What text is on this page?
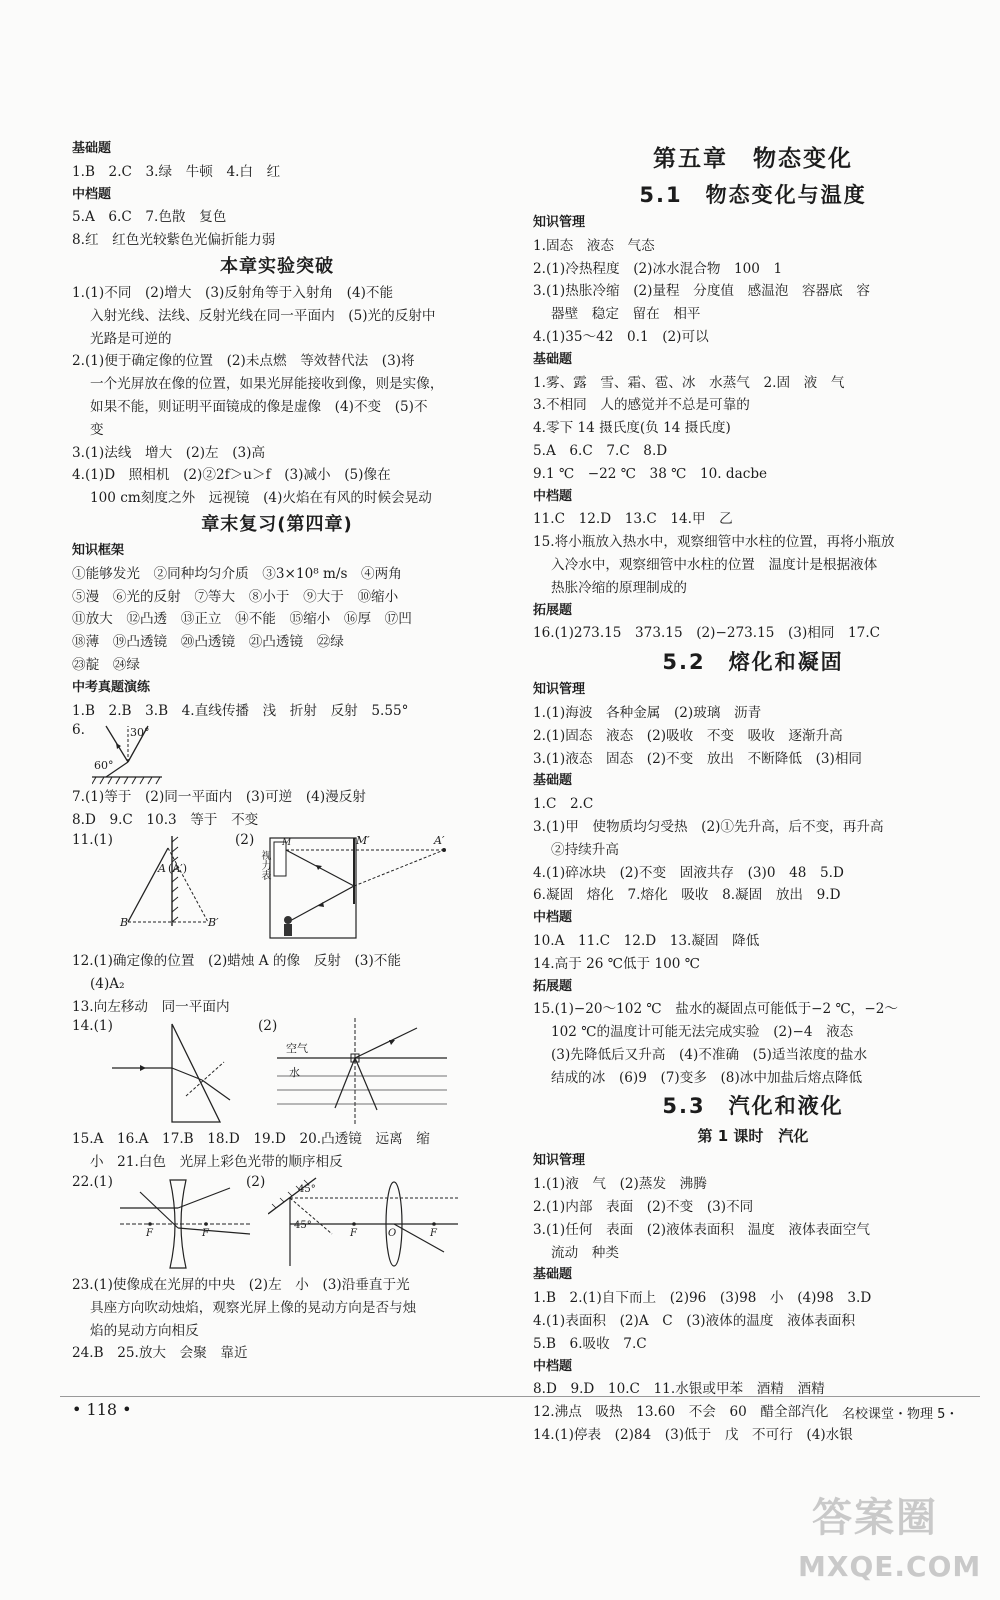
基础题
1.B　2.C　3.绿　牛顿　4.白　红
中档题
5.A　6.C　7.色散　复色
8.红　红色光较紫色光偏折能力弱
本章实验突破
1.(1)不同　(2)增大　(3)反射角等于入射角　(4)不能
入射光线、法线、反射光线在同一平面内　(5)光的反射中
光路是可逆的
2.(1)便于确定像的位置　(2)未点燃　等效替代法　(3)将
一个光屏放在像的位置，如果光屏能接收到像，则是实像，
如果不能，则证明平面镜成的像是虚像　(4)不变　(5)不
变
3.(1)法线　增大　(2)左　(3)高
4.(1)D　照相机　(2)②2f＞u＞f　(3)减小　(5)像在
100 cm刻度之外　远视镜　(4)火焰在有风的时候会晃动
章末复习(第四章)
知识框架
①能够发光　②同种均匀介质　③3×10⁸ m/s　④两角
⑤漫　⑥光的反射　⑦等大　⑧小于　⑨大于　⑩缩小
⑪放大　⑫凸透　⑬正立　⑭不能　⑮缩小　⑯厚　⑰凹
⑱薄　⑲凸透镜　⑳凸透镜　㉑凸透镜　㉒绿
㉓靛　㉔绿
中考真题演练
1.B　2.B　3.B　4.直线传播　浅　折射　反射　5.55°
6.	30°
60°
7.(1)等于　(2)同一平面内　(3)可逆　(4)漫反射
8.D　9.C　10.3　等于　不变
11.(1)
A (A′)
B	B′
(2)	M	M′	A′
视力表
12.(1)确定像的位置　(2)蜡烛 A 的像　反射　(3)不能
(4)A₂
13.向左移动　同一平面内
14.(1)	(2)
空气
水
15.A　16.A　17.B　18.D　19.D　20.凸透镜　远离　缩
小　21.白色　光屏上彩色光带的顺序相反
22.(1)
F	F
(2)
F	O	F
45°
45°
23.(1)使像成在光屏的中央　(2)左　小　(3)沿垂直于光
具座方向吹动烛焰，观察光屏上像的晃动方向是否与烛
焰的晃动方向相反
24.B　25.放大　会聚　靠近
第五章　物态变化
5.1　物态变化与温度
知识管理
1.固态　液态　气态
2.(1)冷热程度　(2)冰水混合物　100　1
3.(1)热胀冷缩　(2)量程　分度值　感温泡　容器底　容
器壁　稳定　留在　相平
4.(1)35～42　0.1　(2)可以
基础题
1.雾、露　雪、霜、雹、冰　水蒸气　2.固　液　气
3.不相同　人的感觉并不总是可靠的
4.零下 14 摄氏度(负 14 摄氏度)
5.A　6.C　7.C　8.D
9.1 ℃　−22 ℃　38 ℃　10. dacbe
中档题
11.C　12.D　13.C　14.甲　乙
15.将小瓶放入热水中，观察细管中水柱的位置，再将小瓶放
入冷水中，观察细管中水柱的位置　温度计是根据液体
热胀冷缩的原理制成的
拓展题
16.(1)273.15　373.15　(2)−273.15　(3)相同　17.C
5.2　熔化和凝固
知识管理
1.(1)海波　各种金属　(2)玻璃　沥青
2.(1)固态　液态　(2)吸收　不变　吸收　逐渐升高
3.(1)液态　固态　(2)不变　放出　不断降低　(3)相同
基础题
1.C　2.C
3.(1)甲　使物质均匀受热　(2)①先升高，后不变，再升高
②持续升高
4.(1)碎冰块　(2)不变　固液共存　(3)0　48　5.D
6.凝固　熔化　7.熔化　吸收　8.凝固　放出　9.D
中档题
10.A　11.C　12.D　13.凝固　降低
14.高于 26 ℃低于 100 ℃
拓展题
15.(1)−20～102 ℃　盐水的凝固点可能低于−2 ℃，−2～
102 ℃的温度计可能无法完成实验　(2)−4　液态
(3)先降低后又升高　(4)不准确　(5)适当浓度的盐水
结成的冰　(6)9　(7)变多　(8)冰中加盐后熔点降低
5.3　汽化和液化
第 1 课时　汽化
知识管理
1.(1)液　气　(2)蒸发　沸腾
2.(1)内部　表面　(2)不变　(3)不同
3.(1)任何　表面　(2)液体表面积　温度　液体表面空气
流动　种类
基础题
1.B　2.(1)自下而上　(2)96　(3)98　小　(4)98　3.D
4.(1)表面积　(2)A　C　(3)液体的温度　液体表面积
5.B　6.吸收　7.C
中档题
8.D　9.D　10.C　11.水银或甲苯　酒精　酒精
12.沸点　吸热　13.60　不会　60　醋全部汽化
14.(1)停表　(2)84　(3)低于　戊　不可行　(4)水银
• 118 •	名校课堂・物理 5・
答案圈
MXQE.COM
